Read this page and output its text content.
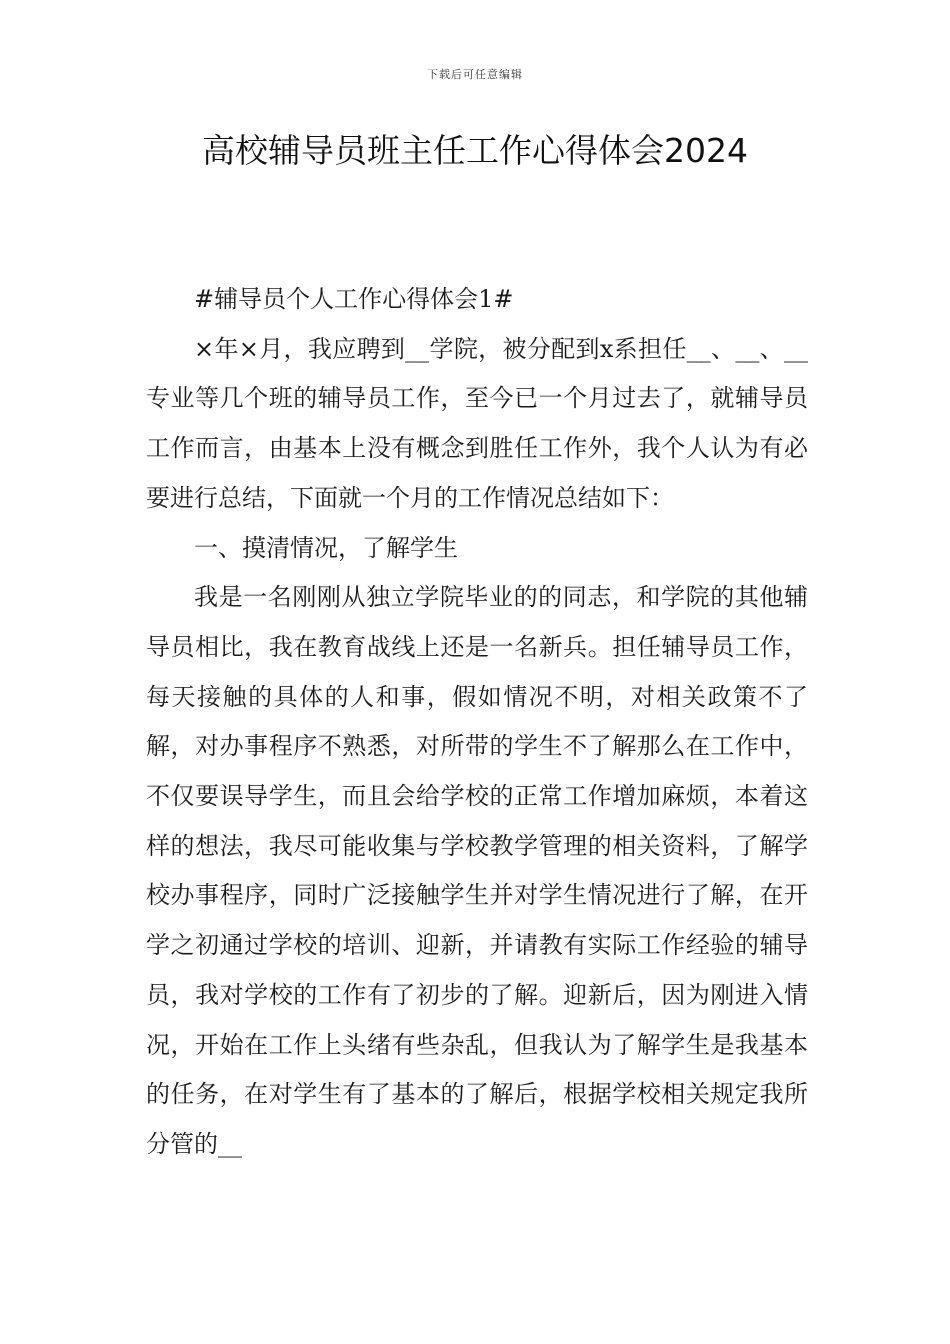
下载后可任意编辑
高校辅导员班主任工作心得体会2024

#辅导员个人工作心得体会1#

×年×月，我应聘到__学院，被分配到x系担任__、__、__专业等几个班的辅导员工作，至今已一个月过去了，就辅导员工作而言，由基本上没有概念到胜任工作外，我个人认为有必要进行总结，下面就一个月的工作情况总结如下：

一、摸清情况，了解学生

我是一名刚刚从独立学院毕业的的同志，和学院的其他辅导员相比，我在教育战线上还是一名新兵。担任辅导员工作，每天接触的具体的人和事，假如情况不明，对相关政策不了解，对办事程序不熟悉，对所带的学生不了解那么在工作中，不仅要误导学生，而且会给学校的正常工作增加麻烦，本着这样的想法，我尽可能收集与学校教学管理的相关资料，了解学校办事程序，同时广泛接触学生并对学生情况进行了解，在开学之初通过学校的培训、迎新，并请教有实际工作经验的辅导员，我对学校的工作有了初步的了解。迎新后，因为刚进入情况，开始在工作上头绪有些杂乱，但我认为了解学生是我基本的任务，在对学生有了基本的了解后，根据学校相关规定我所分管的__
